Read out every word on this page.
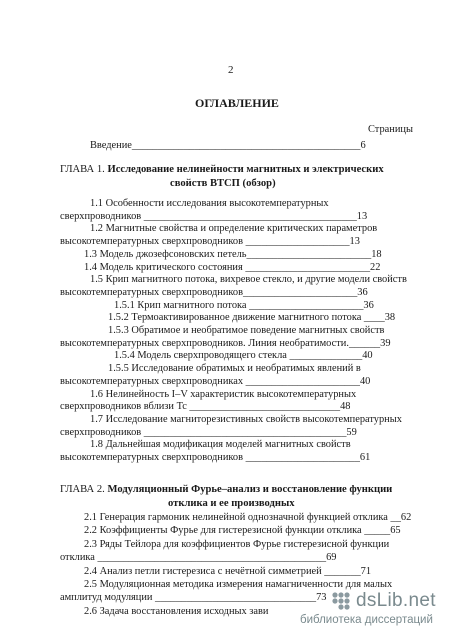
2
ОГЛАВЛЕНИЕ
Страницы
Введение____________________________________________6
ГЛАВА 1. Исследование нелинейности магнитных и электрических
свойств ВТСП (обзор)
1.1 Особенности исследования высокотемпературных
сверхпроводников _________________________________________13
1.2 Магнитные свойства и определение критических параметров
высокотемпературных сверхпроводников ____________________13
1.3 Модель джозефсоновских петель________________________18
1.4 Модель критического состояния ________________________22
1.5 Крип магнитного потока, вихревое стекло, и другие модели свойств
высокотемпературных сверхпроводников______________________36
1.5.1 Крип магнитного потока ______________________36
1.5.2 Термоактивированное движение магнитного потока ____38
1.5.3 Обратимое и необратимое поведение магнитных свойств
высокотемпературных сверхпроводников. Линия необратимости.______39
1.5.4 Модель сверхпроводящего стекла ______________40
1.5.5 Исследование обратимых и необратимых явлений в
высокотемпературных сверхпроводниках ______________________40
1.6 Нелинейность I–V характеристик высокотемпературных
сверхпроводников вблизи Tc _____________________________48
1.7 Исследование магниторезистивных свойств высокотемпературных
сверхпроводников _______________________________________59
1.8 Дальнейшая модификация моделей магнитных свойств
высокотемпературных сверхпроводников ______________________61
ГЛАВА 2. Модуляционный Фурье–анализ и восстановление функции
отклика и ее производных
2.1 Генерация гармоник нелинейной однозначной функцией отклика __62
2.2 Коэффициенты Фурье для гистерезисной функции отклика _____65
2.3 Ряды Тейлора для коэффициентов Фурье гистерезисной функции
отклика ____________________________________________69
2.4 Анализ петли гистерезиса с нечётной симметрией _______71
2.5 Модуляционная методика измерения намагниченности для малых
амплитуд модуляции _______________________________73
2.6 Задача восстановления исходных зави
dsLib.net
библиотека диссертаций
